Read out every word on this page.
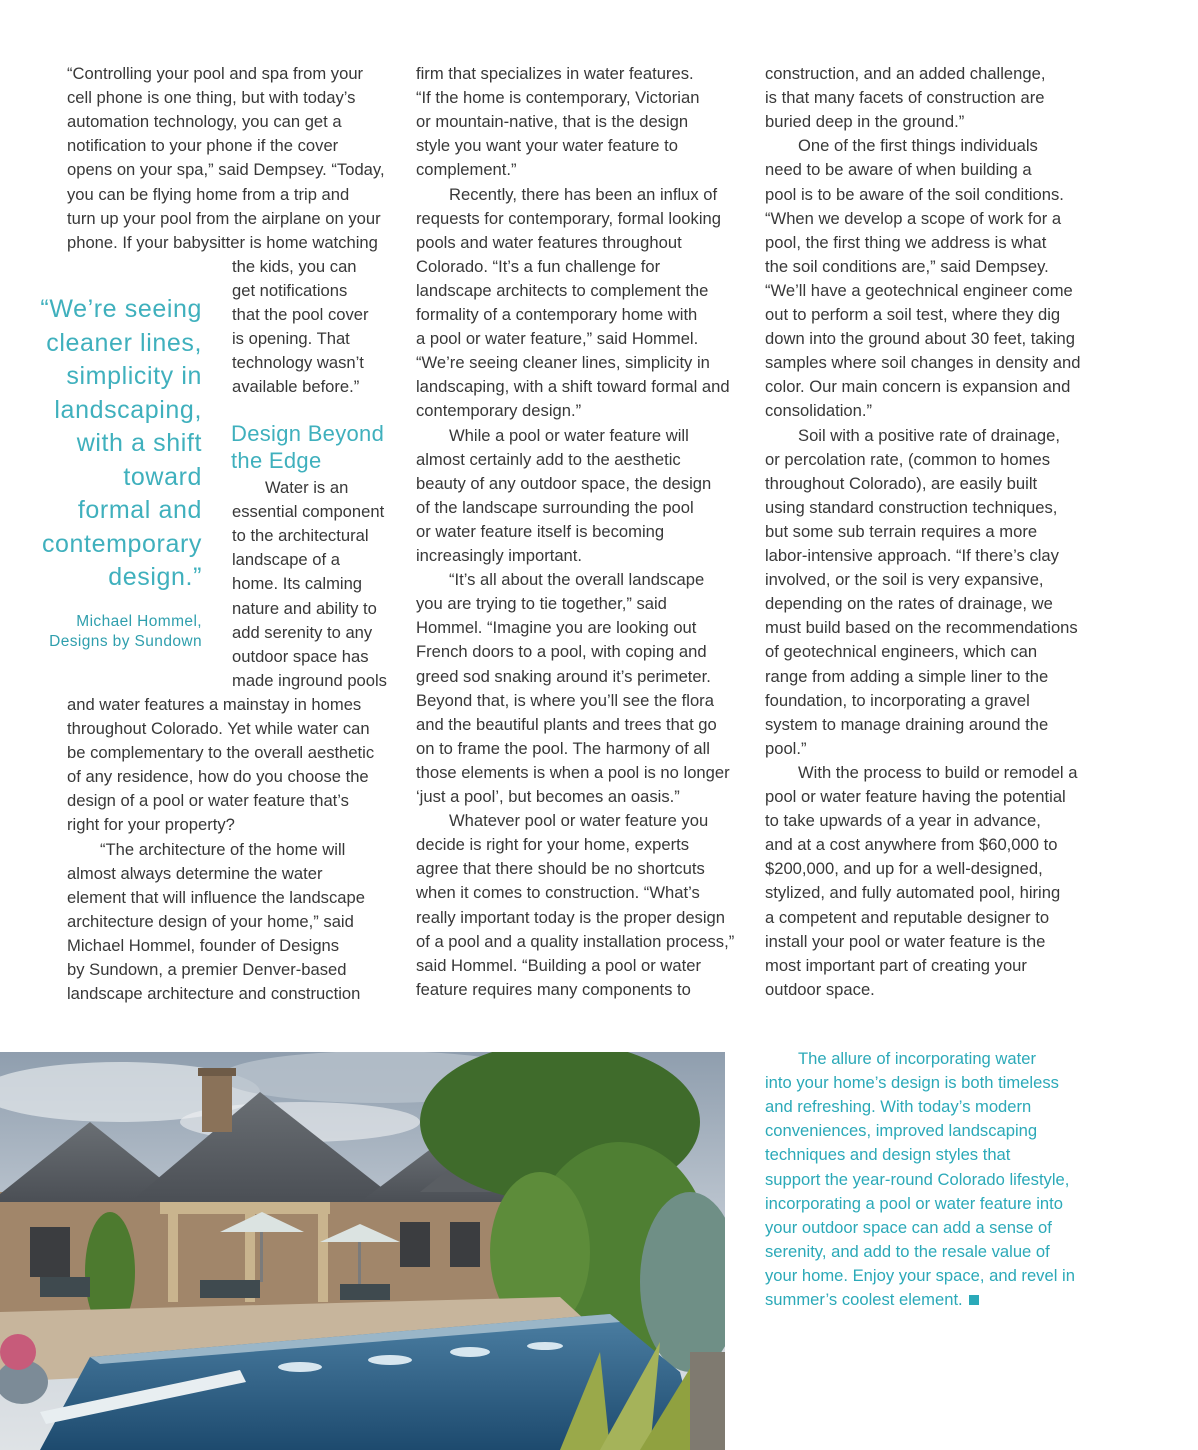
“Controlling your pool and spa from your
cell phone is one thing, but with today’s
automation technology, you can get a
notification to your phone if the cover
opens on your spa,” said Dempsey. “Today,
you can be flying home from a trip and
turn up your pool from the airplane on your
phone. If your babysitter is home watching
the kids, you can
get notifications
that the pool cover
is opening. That
technology wasn’t
available before.”
Design Beyond
the Edge
Water is an
essential component
to the architectural
landscape of a
home. Its calming
nature and ability to
add serenity to any
outdoor space has
made inground pools
and water features a mainstay in homes
throughout Colorado. Yet while water can
be complementary to the overall aesthetic
of any residence, how do you choose the
design of a pool or water feature that’s
right for your property?
“The architecture of the home will
almost always determine the water
element that will influence the landscape
architecture design of your home,” said
Michael Hommel, founder of Designs
by Sundown, a premier Denver-based
landscape architecture and construction
firm that specializes in water features.
“If the home is contemporary, Victorian
or mountain-native, that is the design
style you want your water feature to
complement.”
Recently, there has been an influx of
requests for contemporary, formal looking
pools and water features throughout
Colorado. “It’s a fun challenge for
landscape architects to complement the
formality of a contemporary home with
a pool or water feature,” said Hommel.
“We’re seeing cleaner lines, simplicity in
landscaping, with a shift toward formal and
contemporary design.”
While a pool or water feature will
almost certainly add to the aesthetic
beauty of any outdoor space, the design
of the landscape surrounding the pool
or water feature itself is becoming
increasingly important.
“It’s all about the overall landscape
you are trying to tie together,” said
Hommel. “Imagine you are looking out
French doors to a pool, with coping and
greed sod snaking around it’s perimeter.
Beyond that, is where you’ll see the flora
and the beautiful plants and trees that go
on to frame the pool. The harmony of all
those elements is when a pool is no longer
‘just a pool’, but becomes an oasis.”
Whatever pool or water feature you
decide is right for your home, experts
agree that there should be no shortcuts
when it comes to construction. “What’s
really important today is the proper design
of a pool and a quality installation process,”
said Hommel. “Building a pool or water
feature requires many components to
construction, and an added challenge,
is that many facets of construction are
buried deep in the ground.”
One of the first things individuals
need to be aware of when building a
pool is to be aware of the soil conditions.
“When we develop a scope of work for a
pool, the first thing we address is what
the soil conditions are,” said Dempsey.
“We’ll have a geotechnical engineer come
out to perform a soil test, where they dig
down into the ground about 30 feet, taking
samples where soil changes in density and
color. Our main concern is expansion and
consolidation.”
Soil with a positive rate of drainage,
or percolation rate, (common to homes
throughout Colorado), are easily built
using standard construction techniques,
but some sub terrain requires a more
labor-intensive approach. “If there’s clay
involved, or the soil is very expansive,
depending on the rates of drainage, we
must build based on the recommendations
of geotechnical engineers, which can
range from adding a simple liner to the
foundation, to incorporating a gravel
system to manage draining around the
pool.”
With the process to build or remodel a
pool or water feature having the potential
to take upwards of a year in advance,
and at a cost anywhere from $60,000 to
$200,000, and up for a well-designed,
stylized, and fully automated pool, hiring
a competent and reputable designer to
install your pool or water feature is the
most important part of creating your
outdoor space.
“We’re seeing
cleaner lines,
simplicity in
landscaping,
with a shift
toward
formal and
contemporary
design.”
Michael Hommel,
Designs by Sundown
The allure of incorporating water
into your home’s design is both timeless
and refreshing. With today’s modern
conveniences, improved landscaping
techniques and design styles that
support the year-round Colorado lifestyle,
incorporating a pool or water feature into
your outdoor space can add a sense of
serenity, and add to the resale value of
your home. Enjoy your space, and revel in
summer’s coolest element.
